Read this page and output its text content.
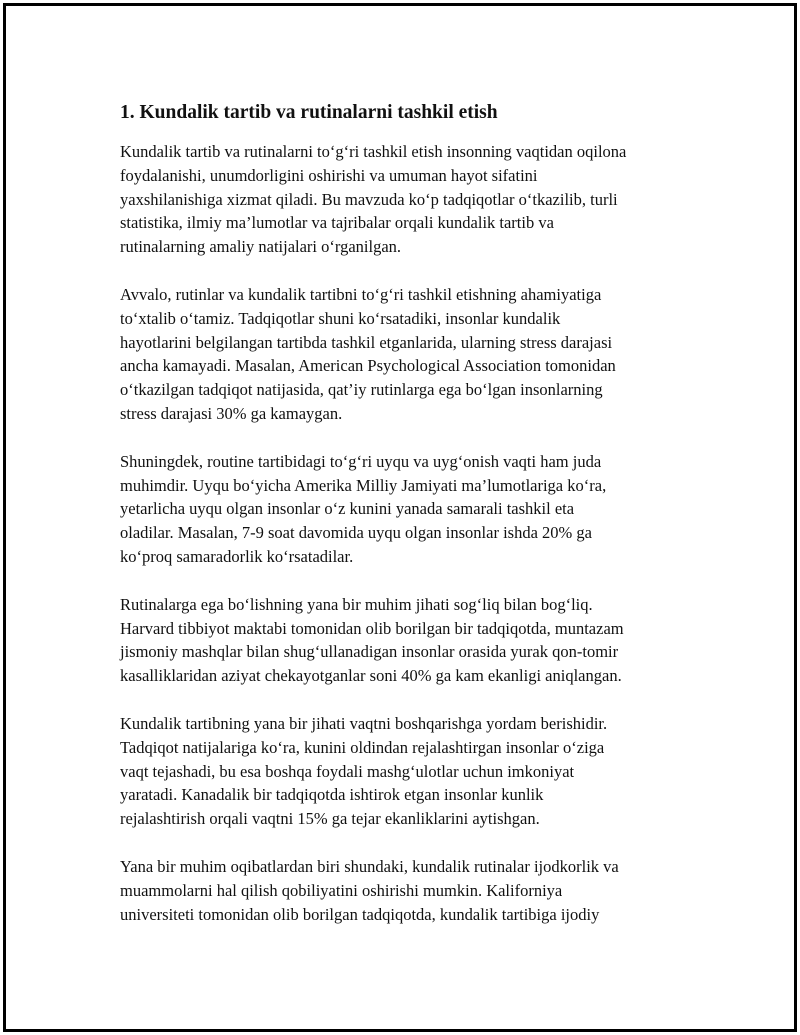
1. Kundalik tartib va rutinalarni tashkil etish

Kundalik tartib va rutinalarni to‘g‘ri tashkil etish insonning vaqtidan oqilona
foydalanishi, unumdorligini oshirishi va umuman hayot sifatini
yaxshilanishiga xizmat qiladi. Bu mavzuda ko‘p tadqiqotlar o‘tkazilib, turli
statistika, ilmiy ma’lumotlar va tajribalar orqali kundalik tartib va
rutinalarning amaliy natijalari o‘rganilgan.

Avvalo, rutinlar va kundalik tartibni to‘g‘ri tashkil etishning ahamiyatiga
to‘xtalib o‘tamiz. Tadqiqotlar shuni ko‘rsatadiki, insonlar kundalik
hayotlarini belgilangan tartibda tashkil etganlarida, ularning stress darajasi
ancha kamayadi. Masalan, American Psychological Association tomonidan
o‘tkazilgan tadqiqot natijasida, qat’iy rutinlarga ega bo‘lgan insonlarning
stress darajasi 30% ga kamaygan.

Shuningdek, routine tartibidagi to‘g‘ri uyqu va uyg‘onish vaqti ham juda
muhimdir. Uyqu bo‘yicha Amerika Milliy Jamiyati ma’lumotlariga ko‘ra,
yetarlicha uyqu olgan insonlar o‘z kunini yanada samarali tashkil eta
oladilar. Masalan, 7-9 soat davomida uyqu olgan insonlar ishda 20% ga
ko‘proq samaradorlik ko‘rsatadilar.

Rutinalarga ega bo‘lishning yana bir muhim jihati sog‘liq bilan bog‘liq.
Harvard tibbiyot maktabi tomonidan olib borilgan bir tadqiqotda, muntazam
jismoniy mashqlar bilan shug‘ullanadigan insonlar orasida yurak qon-tomir
kasalliklaridan aziyat chekayotganlar soni 40% ga kam ekanligi aniqlangan.

Kundalik tartibning yana bir jihati vaqtni boshqarishga yordam berishidir.
Tadqiqot natijalariga ko‘ra, kunini oldindan rejalashtirgan insonlar o‘ziga
vaqt tejashadi, bu esa boshqa foydali mashg‘ulotlar uchun imkoniyat
yaratadi. Kanadalik bir tadqiqotda ishtirok etgan insonlar kunlik
rejalashtirish orqali vaqtni 15% ga tejar ekanliklarini aytishgan.

Yana bir muhim oqibatlardan biri shundaki, kundalik rutinalar ijodkorlik va
muammolarni hal qilish qobiliyatini oshirishi mumkin. Kaliforniya
universiteti tomonidan olib borilgan tadqiqotda, kundalik tartibiga ijodiy
